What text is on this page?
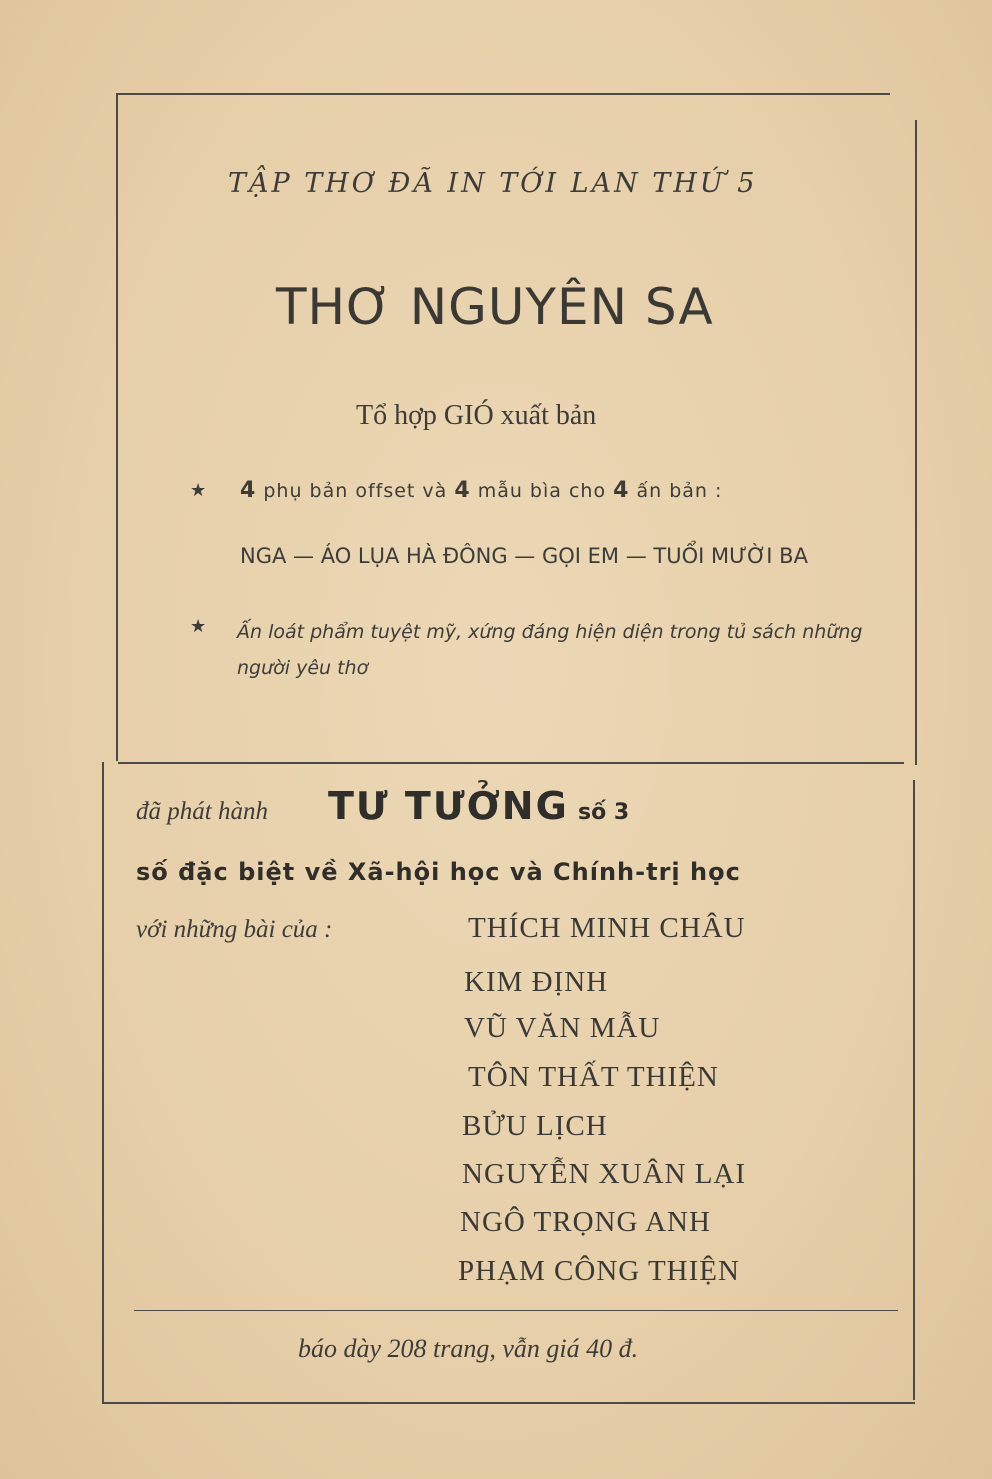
TẬP THƠ ĐÃ IN TỚI LAN THỨ 5
THƠ NGUYÊN SA
Tổ hợp GIÓ xuất bản
★ 4 phụ bản offset và 4 mẫu bìa cho 4 ấn bản :
NGA — ÁO LỤA HÀ ĐÔNG — GỌI EM — TUỔI MƯỜI BA
★ Ấn loát phẩm tuyệt mỹ, xứng đáng hiện diện trong tủ sách những người yêu thơ
đã phát hành TƯ TƯỞNG số 3
số đặc biệt về Xã-hội học và Chính-trị học
với những bài của :	THÍCH MINH CHÂU
KIM ĐỊNH
VŨ VĂN MẪU
TÔN THẤT THIỆN
BỬU LỊCH
NGUYỄN XUÂN LẠI
NGÔ TRỌNG ANH
PHẠM CÔNG THIỆN
báo dày 208 trang, vẫn giá 40 đ.
